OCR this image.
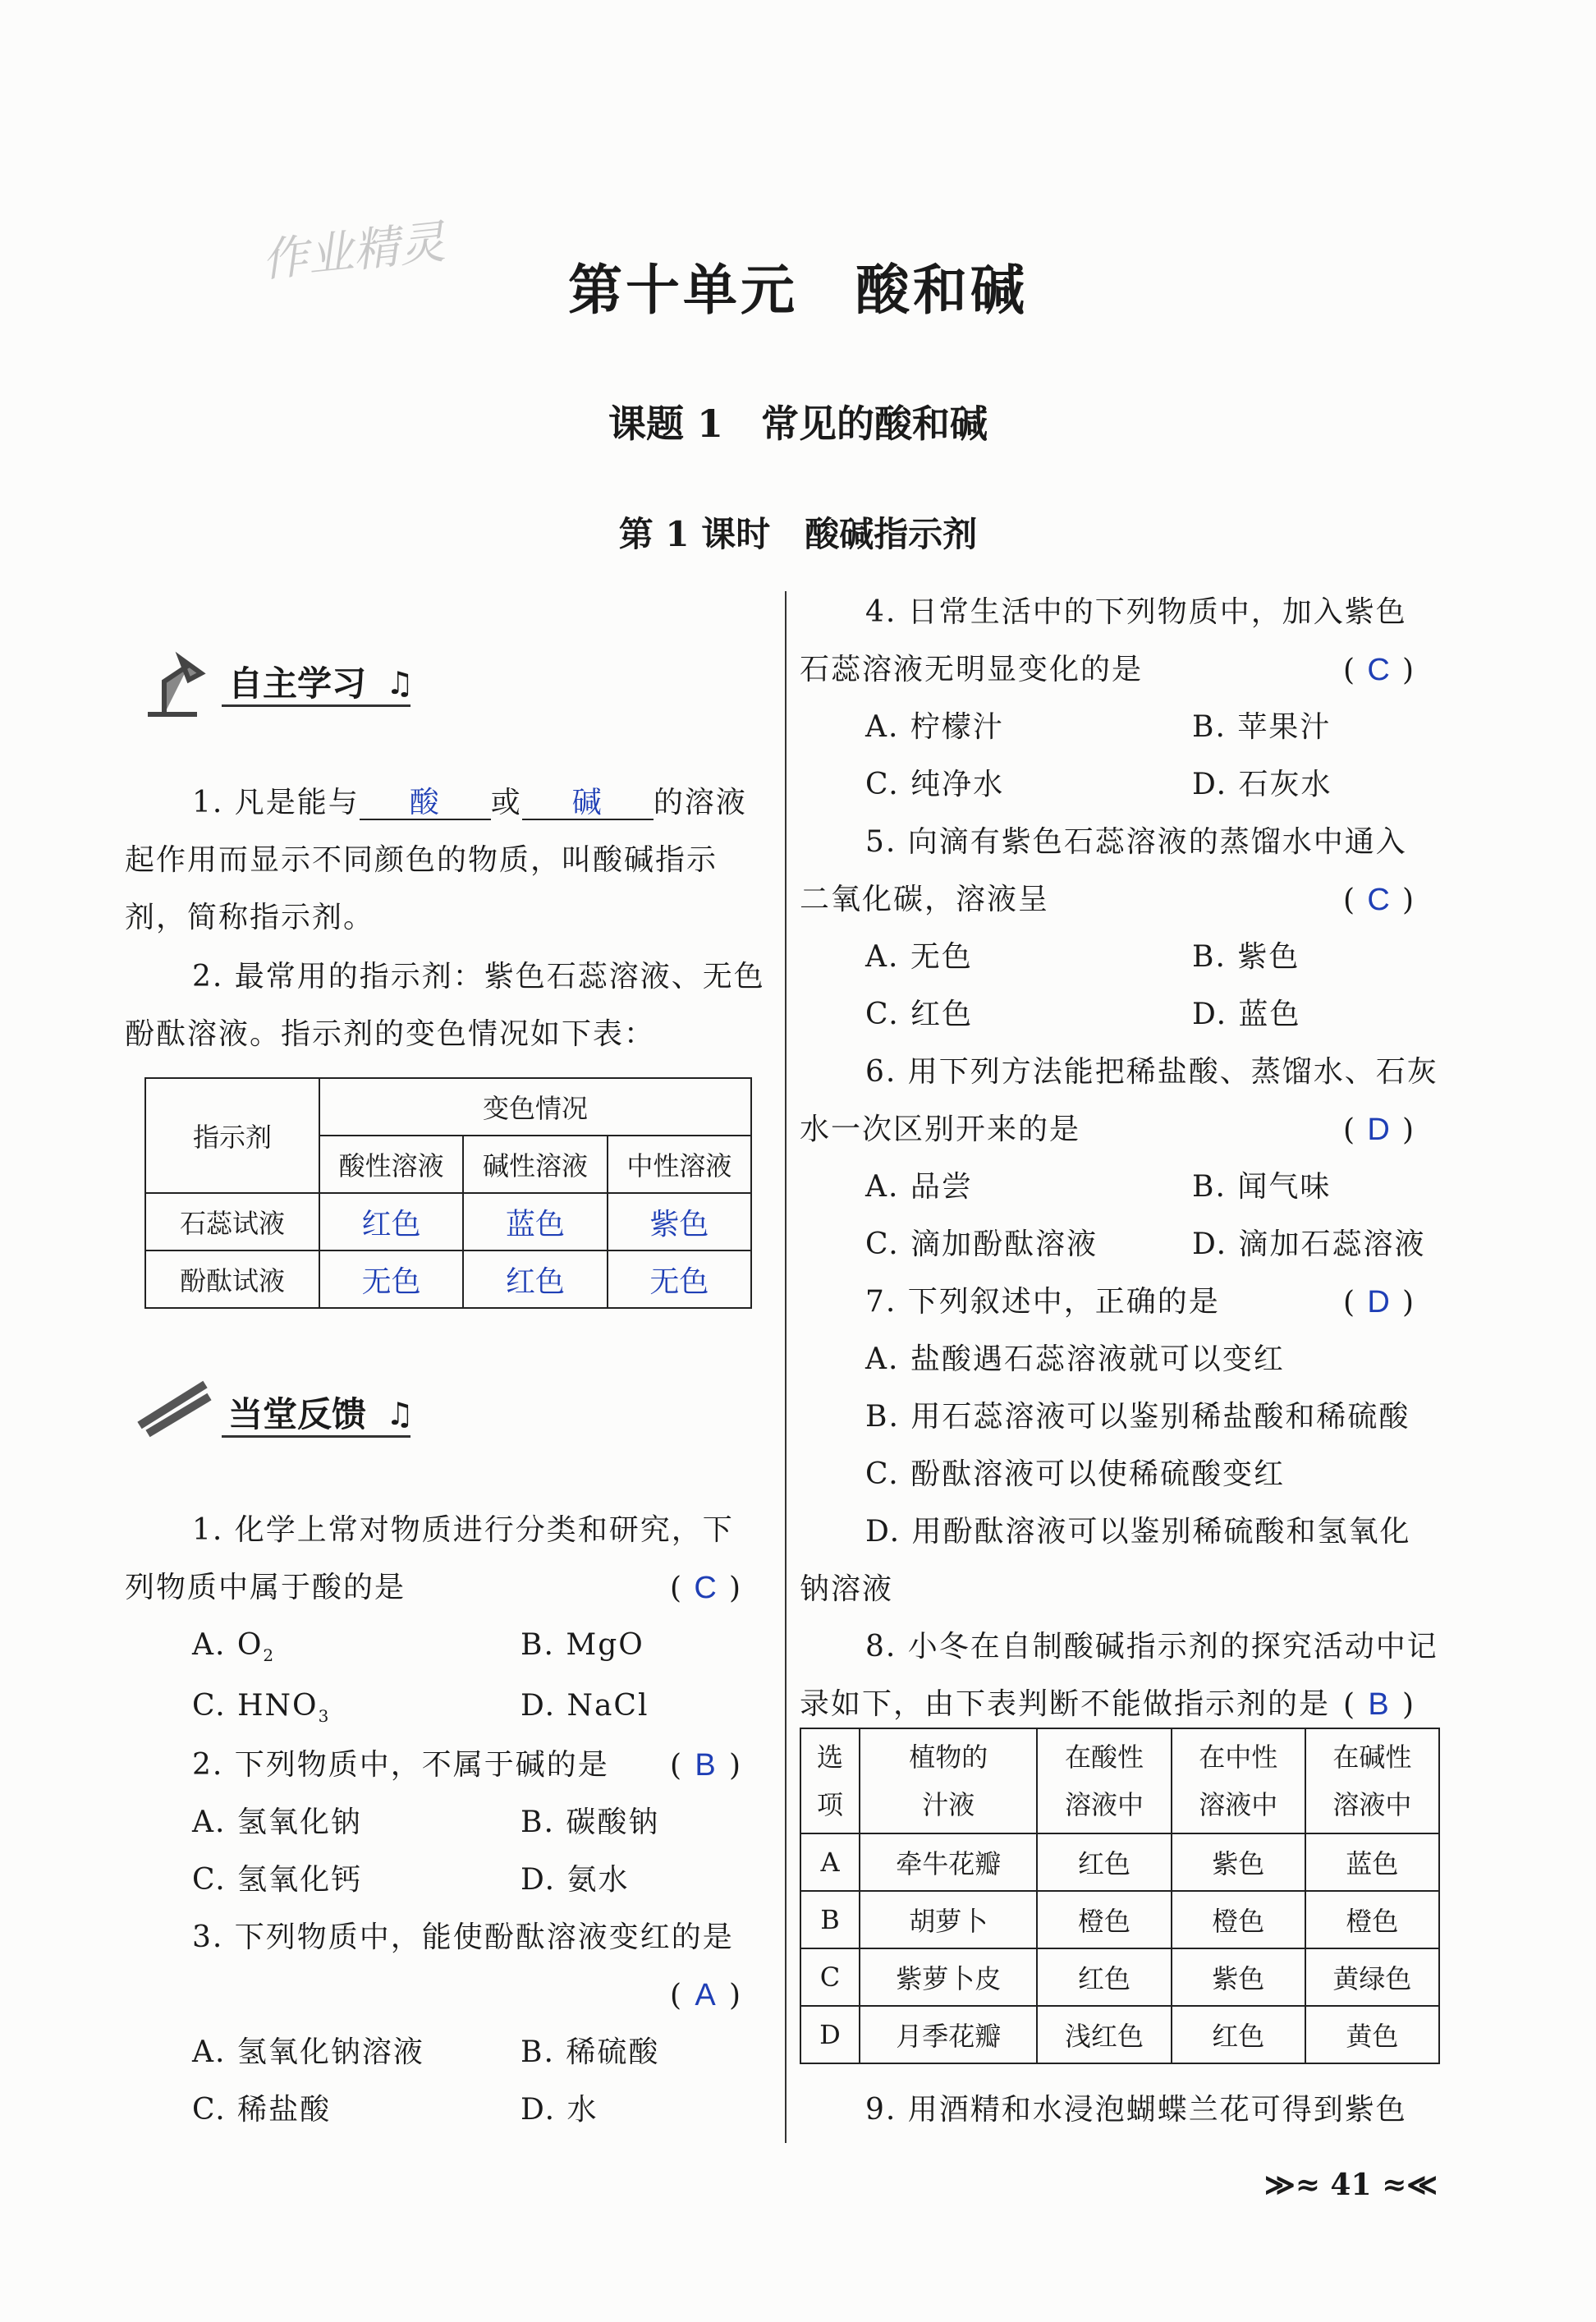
作业精灵
第十单元　酸和碱
课题 1　常见的酸和碱
第 1 课时　酸碱指示剂
自主学习 ♫
1. 凡是能与 酸 或 碱 的溶液
起作用而显示不同颜色的物质，叫酸碱指示
剂，简称指示剂。
2. 最常用的指示剂：紫色石蕊溶液、无色
酚酞溶液。指示剂的变色情况如下表：
指示剂	变色情况		
	酸性溶液	碱性溶液	中性溶液
石蕊试液	红色	蓝色	紫色
酚酞试液	无色	红色	无色
当堂反馈 ♫
1. 化学上常对物质进行分类和研究，下
列物质中属于酸的是	( C )
A. $O_2$	B. MgO
C. $HNO_3$	D. NaCl
2. 下列物质中，不属于碱的是 ( B )
A. 氢氧化钠	B. 碳酸钠
C. 氢氧化钙	D. 氨水
3. 下列物质中，能使酚酞溶液变红的是
( A )
A. 氢氧化钠溶液	B. 稀硫酸
C. 稀盐酸	D. 水
4. 日常生活中的下列物质中，加入紫色
石蕊溶液无明显变化的是	( C )
A. 柠檬汁	B. 苹果汁
C. 纯净水	D. 石灰水
5. 向滴有紫色石蕊溶液的蒸馏水中通入
二氧化碳，溶液呈	( C )
A. 无色	B. 紫色
C. 红色	D. 蓝色
6. 用下列方法能把稀盐酸、蒸馏水、石灰
水一次区别开来的是	( D )
A. 品尝	B. 闻气味
C. 滴加酚酞溶液	D. 滴加石蕊溶液
7. 下列叙述中，正确的是	( D )
A. 盐酸遇石蕊溶液就可以变红
B. 用石蕊溶液可以鉴别稀盐酸和稀硫酸
C. 酚酞溶液可以使稀硫酸变红
D. 用酚酞溶液可以鉴别稀硫酸和氢氧化
钠溶液
8. 小冬在自制酸碱指示剂的探究活动中记
录如下，由下表判断不能做指示剂的是 ( B )
选
项	植物的
汁液	在酸性
溶液中	在中性
溶液中	在碱性
溶液中
A	牵牛花瓣	红色	紫色	蓝色
B	胡萝卜	橙色	橙色	橙色
C	紫萝卜皮	红色	紫色	黄绿色
D	月季花瓣	浅红色	红色	黄色
9. 用酒精和水浸泡蝴蝶兰花可得到紫色
≫≈ 41 ≈≪
